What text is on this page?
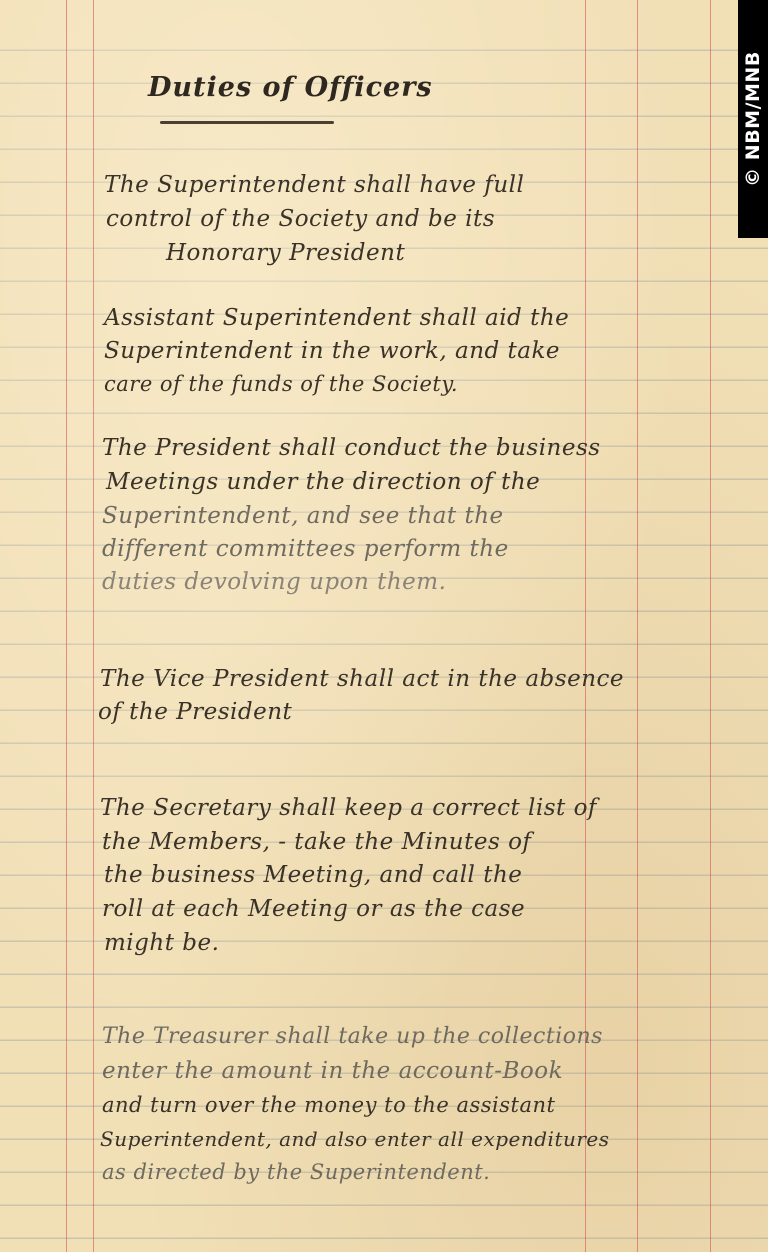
Duties of Officers

The Superintendent shall have full

control of the Society and be its

Honorary President

Assistant Superintendent shall aid the

Superintendent in the work, and take

care of the funds of the Society.

The President shall conduct the business

Meetings under the direction of the

Superintendent, and see that the

different committees perform the

duties devolving upon them.

The Vice President shall act in the absence

of the President

The Secretary shall keep a correct list of

the Members, - take the Minutes of

the business Meeting, and call the

roll at each Meeting or as the case

might be.

The Treasurer shall take up the collections

enter the amount in the account-Book

and turn over the money to the assistant

Superintendent, and also enter all expenditures

as directed by the Superintendent.

© NBM/MNB
